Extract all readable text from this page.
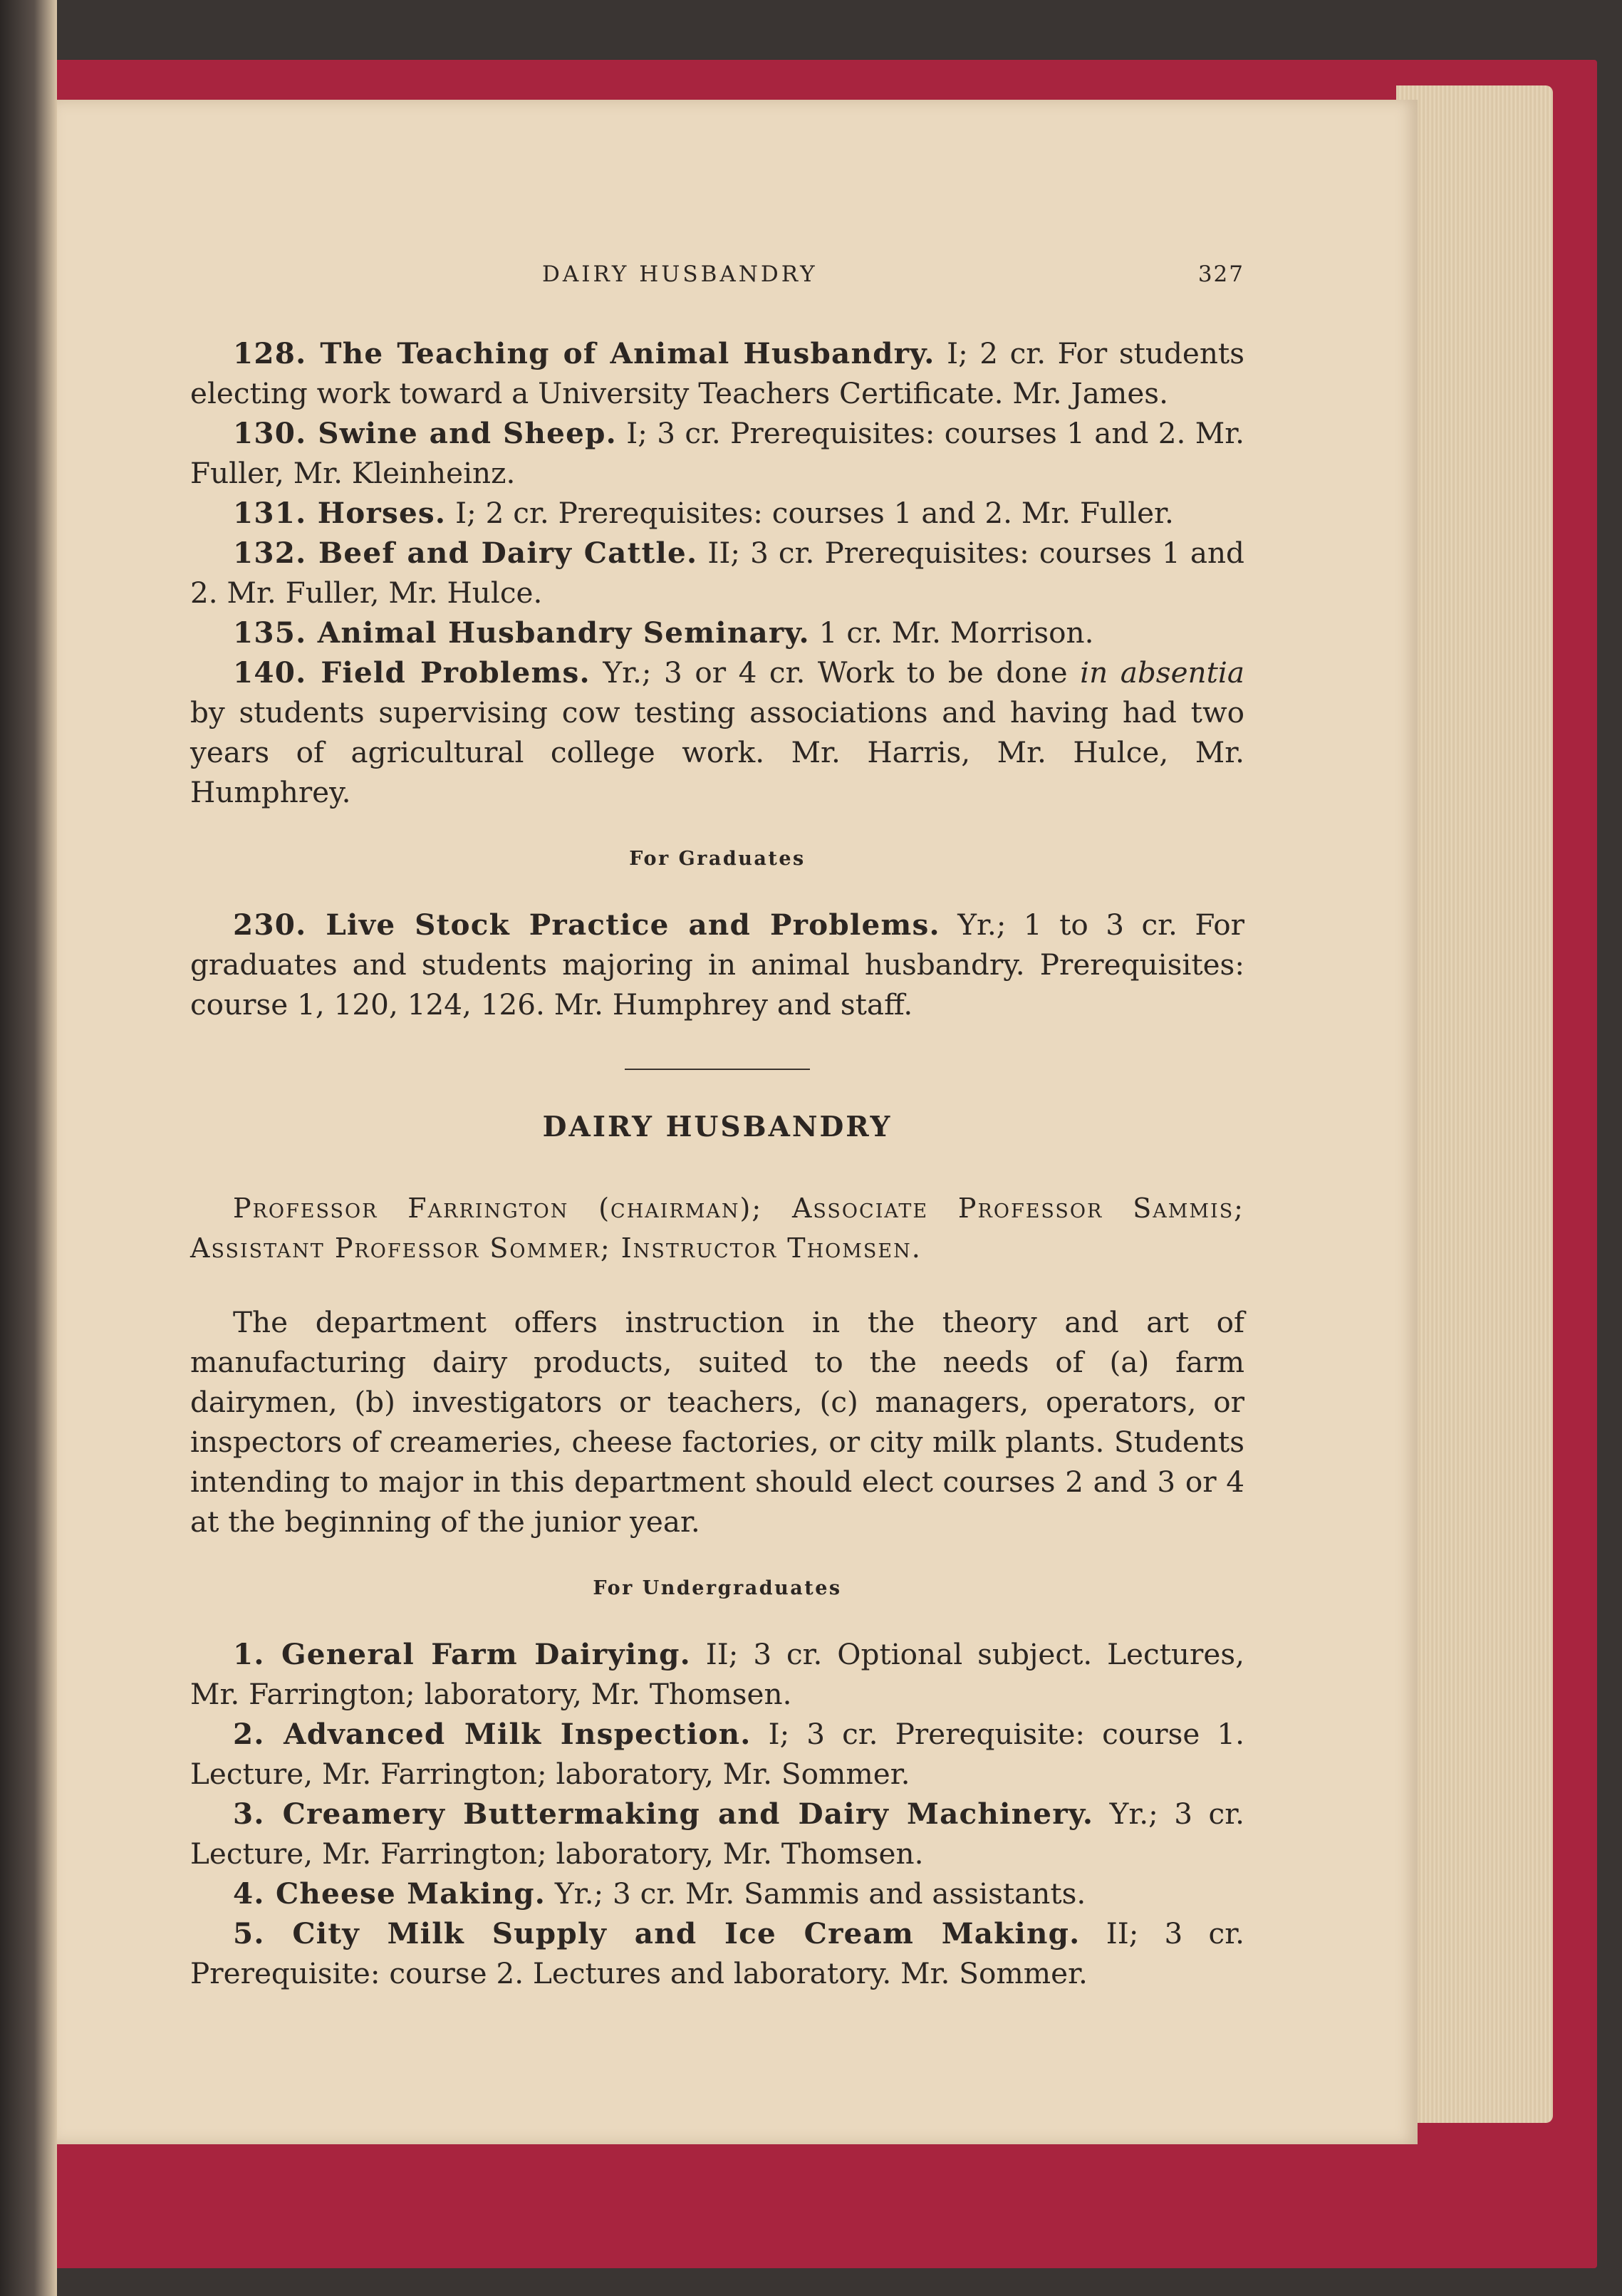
DAIRY HUSBANDRY	327

128. The Teaching of Animal Husbandry. I; 2 cr. For students electing work toward a University Teachers Certificate. Mr. James.

130. Swine and Sheep. I; 3 cr. Prerequisites: courses 1 and 2. Mr. Fuller, Mr. Kleinheinz.

131. Horses. I; 2 cr. Prerequisites: courses 1 and 2. Mr. Fuller.

132. Beef and Dairy Cattle. II; 3 cr. Prerequisites: courses 1 and 2. Mr. Fuller, Mr. Hulce.

135. Animal Husbandry Seminary. 1 cr. Mr. Morrison.

140. Field Problems. Yr.; 3 or 4 cr. Work to be done in absentia by students supervising cow testing associations and having had two years of agricultural college work. Mr. Harris, Mr. Hulce, Mr. Humphrey.

For Graduates

230. Live Stock Practice and Problems. Yr.; 1 to 3 cr. For graduates and students majoring in animal husbandry. Prerequisites: course 1, 120, 124, 126. Mr. Humphrey and staff.

DAIRY HUSBANDRY

Professor Farrington (chairman); Associate Professor Sammis; Assistant Professor Sommer; Instructor Thomsen.

The department offers instruction in the theory and art of manufacturing dairy products, suited to the needs of (a) farm dairymen, (b) investigators or teachers, (c) managers, operators, or inspectors of creameries, cheese factories, or city milk plants. Students intending to major in this department should elect courses 2 and 3 or 4 at the beginning of the junior year.

For Undergraduates

1. General Farm Dairying. II; 3 cr. Optional subject. Lectures, Mr. Farrington; laboratory, Mr. Thomsen.

2. Advanced Milk Inspection. I; 3 cr. Prerequisite: course 1. Lecture, Mr. Farrington; laboratory, Mr. Sommer.

3. Creamery Buttermaking and Dairy Machinery. Yr.; 3 cr. Lecture, Mr. Farrington; laboratory, Mr. Thomsen.

4. Cheese Making. Yr.; 3 cr. Mr. Sammis and assistants.

5. City Milk Supply and Ice Cream Making. II; 3 cr. Prerequisite: course 2. Lectures and laboratory. Mr. Sommer.
